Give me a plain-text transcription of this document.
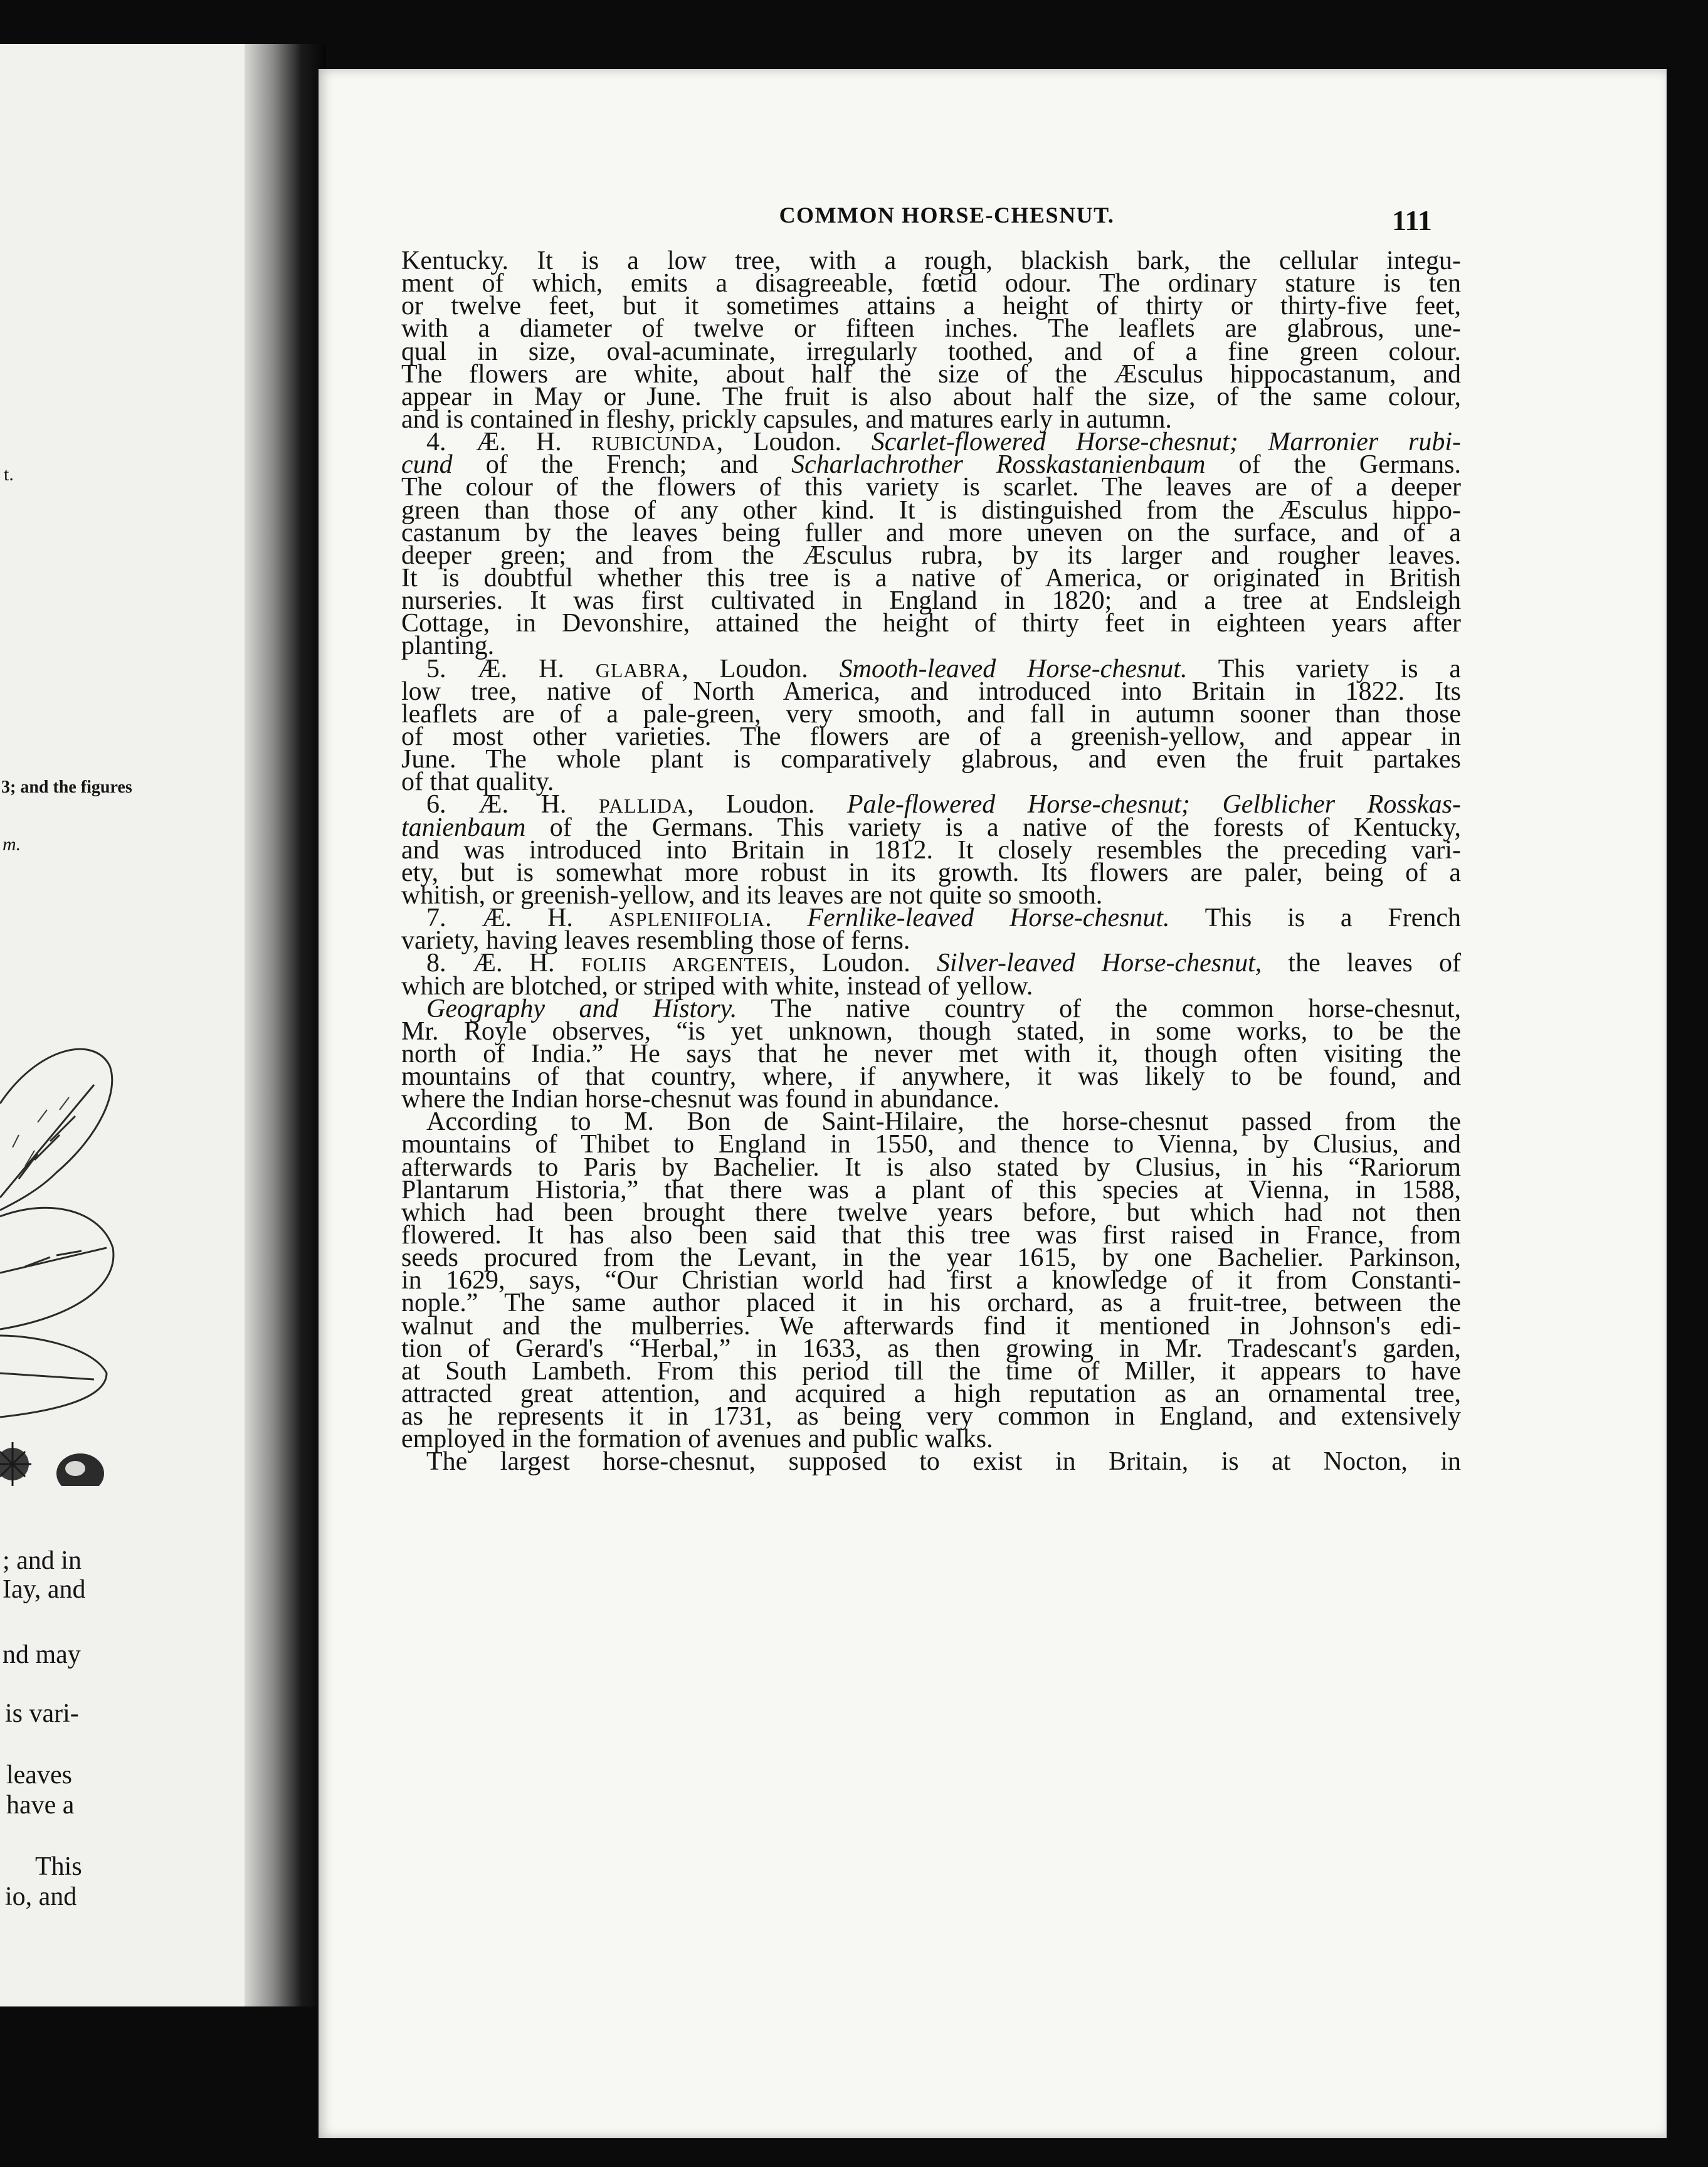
t.
3; and the figures
m.
; and in
Iay, and
nd may
is vari-
leaves
have a
This
io, and
COMMON HORSE-CHESNUT.	111
Kentucky. It is a low tree, with a rough, blackish bark, the cellular integu-
ment of which, emits a disagreeable, fœtid odour. The ordinary stature is ten
or twelve feet, but it sometimes attains a height of thirty or thirty-five feet,
with a diameter of twelve or fifteen inches. The leaflets are glabrous, une-
qual in size, oval-acuminate, irregularly toothed, and of a fine green colour.
The flowers are white, about half the size of the Æsculus hippocastanum, and
appear in May or June. The fruit is also about half the size, of the same colour,
and is contained in fleshy, prickly capsules, and matures early in autumn.
4. Æ. H. RUBICUNDA, Loudon. Scarlet-flowered Horse-chesnut; Marronier rubi-
cund of the French; and Scharlachrother Rosskastanienbaum of the Germans.
The colour of the flowers of this variety is scarlet. The leaves are of a deeper
green than those of any other kind. It is distinguished from the Æsculus hippo-
castanum by the leaves being fuller and more uneven on the surface, and of a
deeper green; and from the Æsculus rubra, by its larger and rougher leaves.
It is doubtful whether this tree is a native of America, or originated in British
nurseries. It was first cultivated in England in 1820; and a tree at Endsleigh
Cottage, in Devonshire, attained the height of thirty feet in eighteen years after
planting.
5. Æ. H. GLABRA, Loudon. Smooth-leaved Horse-chesnut. This variety is a
low tree, native of North America, and introduced into Britain in 1822. Its
leaflets are of a pale-green, very smooth, and fall in autumn sooner than those
of most other varieties. The flowers are of a greenish-yellow, and appear in
June. The whole plant is comparatively glabrous, and even the fruit partakes
of that quality.
6. Æ. H. PALLIDA, Loudon. Pale-flowered Horse-chesnut; Gelblicher Rosskas-
tanienbaum of the Germans. This variety is a native of the forests of Kentucky,
and was introduced into Britain in 1812. It closely resembles the preceding vari-
ety, but is somewhat more robust in its growth. Its flowers are paler, being of a
whitish, or greenish-yellow, and its leaves are not quite so smooth.
7. Æ. H. ASPLENIIFOLIA. Fernlike-leaved Horse-chesnut. This is a French
variety, having leaves resembling those of ferns.
8. Æ. H. FOLIIS ARGENTEIS, Loudon. Silver-leaved Horse-chesnut, the leaves of
which are blotched, or striped with white, instead of yellow.
Geography and History. The native country of the common horse-chesnut,
Mr. Royle observes, “is yet unknown, though stated, in some works, to be the
north of India.” He says that he never met with it, though often visiting the
mountains of that country, where, if anywhere, it was likely to be found, and
where the Indian horse-chesnut was found in abundance.
According to M. Bon de Saint-Hilaire, the horse-chesnut passed from the
mountains of Thibet to England in 1550, and thence to Vienna, by Clusius, and
afterwards to Paris by Bachelier. It is also stated by Clusius, in his “Rariorum
Plantarum Historia,” that there was a plant of this species at Vienna, in 1588,
which had been brought there twelve years before, but which had not then
flowered. It has also been said that this tree was first raised in France, from
seeds procured from the Levant, in the year 1615, by one Bachelier. Parkinson,
in 1629, says, “Our Christian world had first a knowledge of it from Constanti-
nople.” The same author placed it in his orchard, as a fruit-tree, between the
walnut and the mulberries. We afterwards find it mentioned in Johnson's edi-
tion of Gerard's “Herbal,” in 1633, as then growing in Mr. Tradescant's garden,
at South Lambeth. From this period till the time of Miller, it appears to have
attracted great attention, and acquired a high reputation as an ornamental tree,
as he represents it in 1731, as being very common in England, and extensively
employed in the formation of avenues and public walks.
The largest horse-chesnut, supposed to exist in Britain, is at Nocton, in
